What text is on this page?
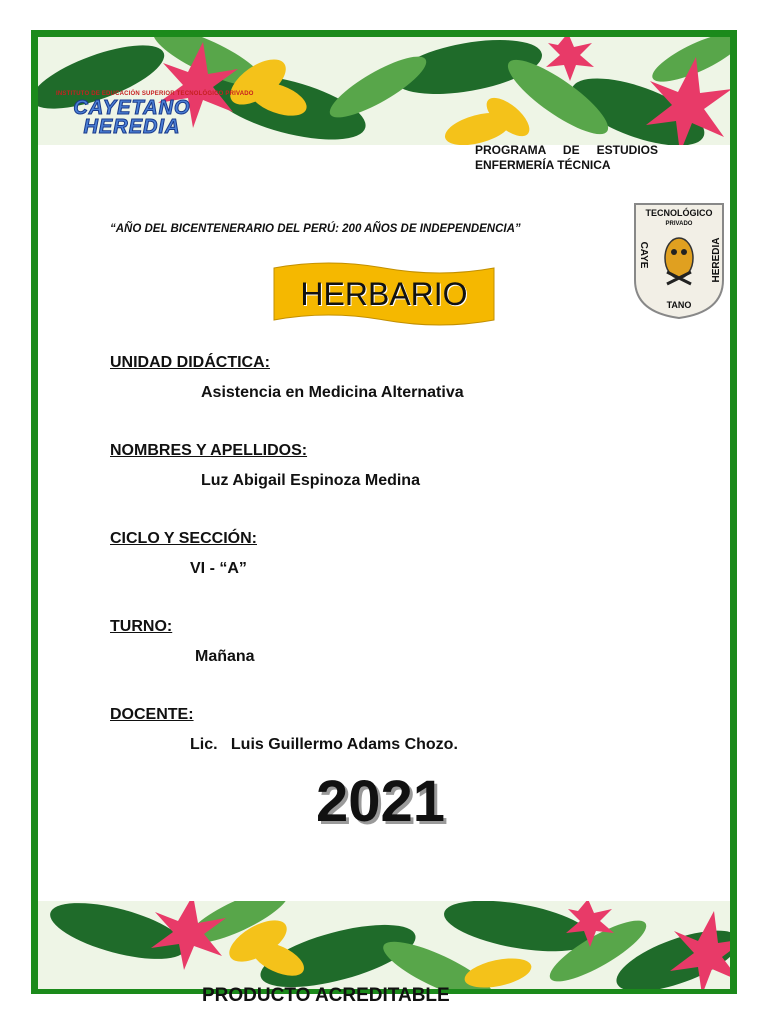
INSTITUTO DE EDUCACIÓN SUPERIOR TECNOLÓGICO PRIVADO
CAYETANO
HEREDIA
PROGRAMA DE ESTUDIOS ENFERMERÍA TÉCNICA
“AÑO DEL BICENTENERARIO DEL PERÚ: 200 AÑOS DE INDEPENDENCIA”
TECNOLÓGICO
PRIVADO
CAYE	HEREDIA
TANO
HERBARIO
UNIDAD DIDÁCTICA:
Asistencia en Medicina Alternativa
NOMBRES Y APELLIDOS:
Luz Abigail Espinoza Medina
CICLO Y SECCIÓN:
VI - “A”
TURNO:
Mañana
DOCENTE:
Lic.   Luis Guillermo Adams Chozo.
2021
PRODUCTO ACREDITABLE
